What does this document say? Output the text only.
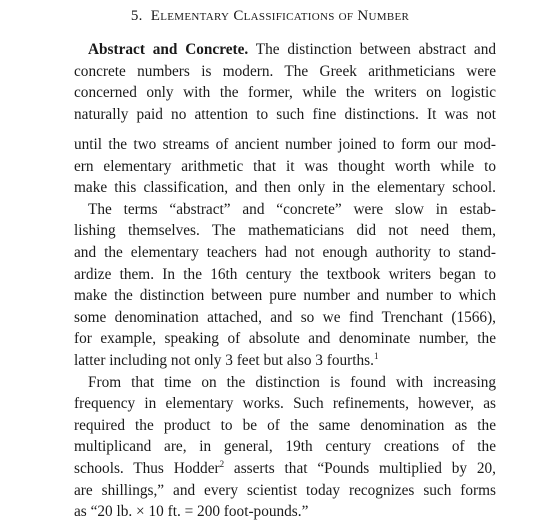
5. Elementary Classifications of Number
Abstract and Concrete. The distinction between abstract and
concrete numbers is modern. The Greek arithmeticians were
concerned only with the former, while the writers on logistic
naturally paid no attention to such fine distinctions. It was not
until the two streams of ancient number joined to form our mod-
ern elementary arithmetic that it was thought worth while to
make this classification, and then only in the elementary school.
The terms “abstract” and “concrete” were slow in estab-
lishing themselves. The mathematicians did not need them,
and the elementary teachers had not enough authority to stand-
ardize them. In the 16th century the textbook writers began to
make the distinction between pure number and number to which
some denomination attached, and so we find Trenchant (1566),
for example, speaking of absolute and denominate number, the
latter including not only 3 feet but also 3 fourths.$^1$
From that time on the distinction is found with increasing
frequency in elementary works. Such refinements, however, as
required the product to be of the same denomination as the
multiplicand are, in general, 19th century creations of the
schools. Thus Hodder$^2$ asserts that “Pounds multiplied by 20,
are shillings,” and every scientist today recognizes such forms
as “20 lb. × 10 ft. = 200 foot-pounds.”
